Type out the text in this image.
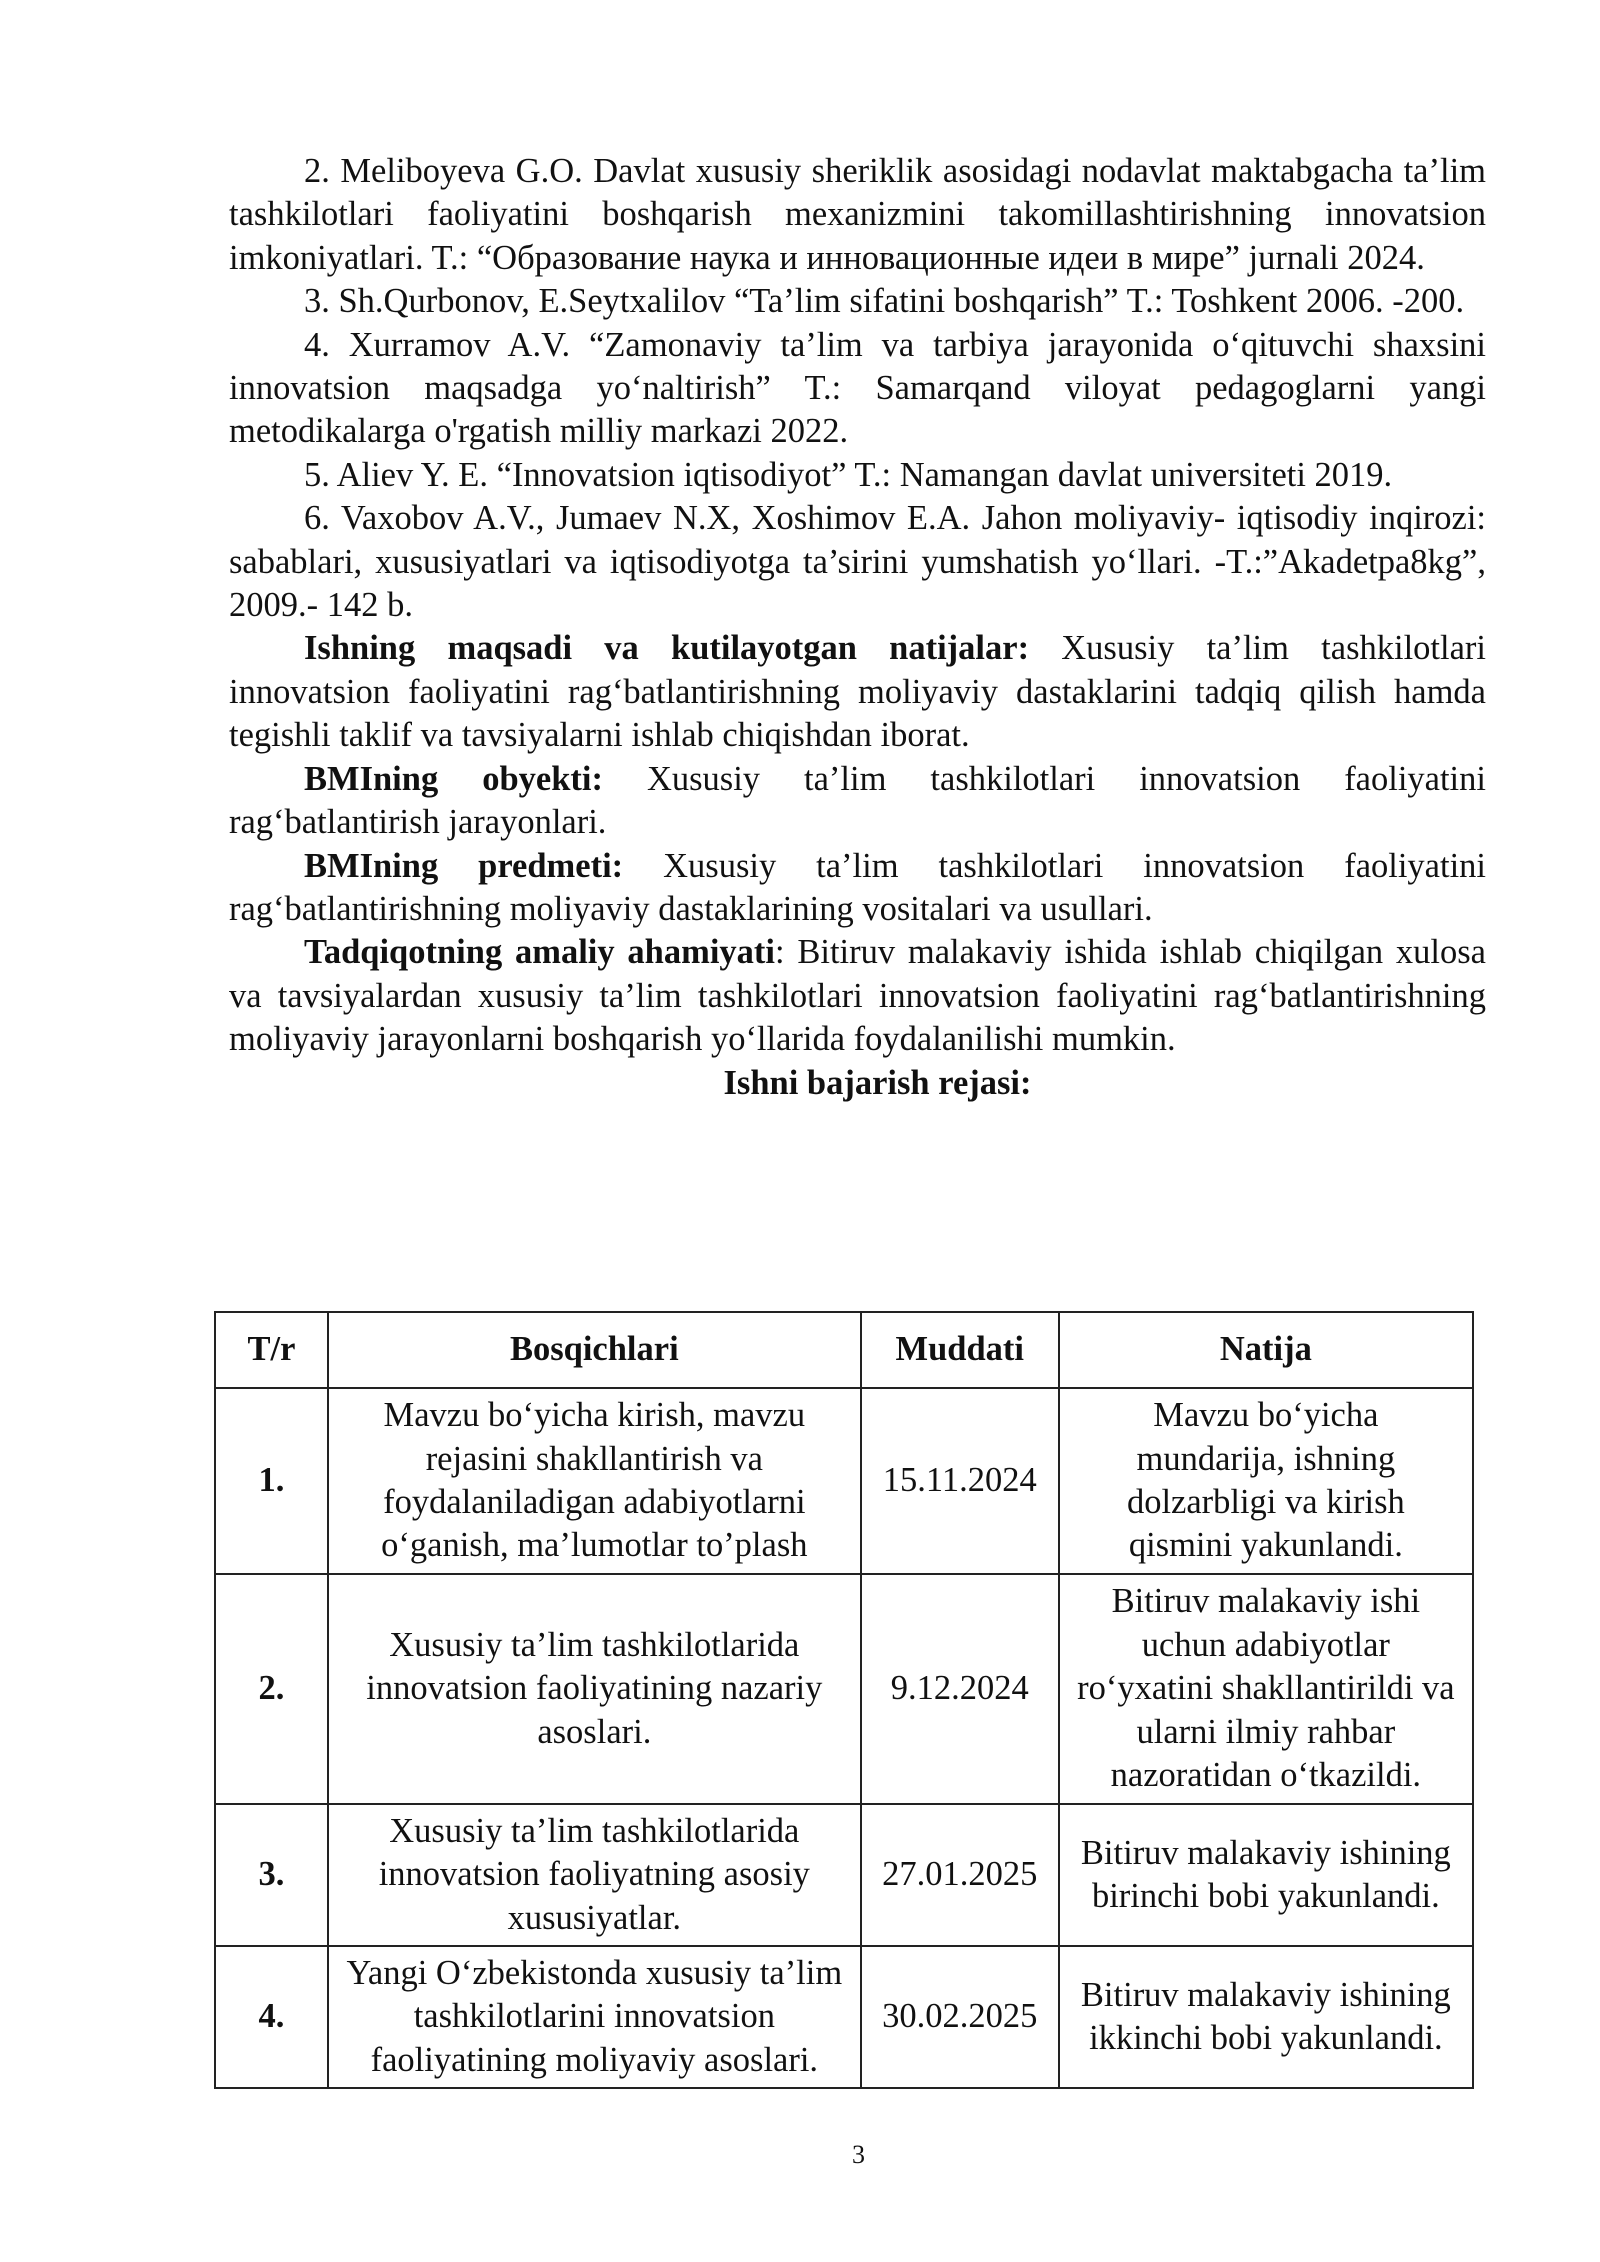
2. Meliboyeva G.O. Davlat xususiy sheriklik asosidagi nodavlat maktabgacha ta’lim tashkilotlari faoliyatini boshqarish mexanizmini takomillashtirishning innovatsion imkoniyatlari. T.: “Образование наука и инновационные идеи в мире” jurnali 2024.

3. Sh.Qurbonov, E.Seytxalilov “Ta’lim sifatini boshqarish” T.: Toshkent 2006. -200.

4. Xurramov A.V. “Zamonaviy ta’lim va tarbiya jarayonida o‘qituvchi shaxsini innovatsion maqsadga yo‘naltirish” T.: Samarqand viloyat pedagoglarni yangi metodikalarga o'rgatish milliy markazi 2022.

5. Aliev Y. E. “Innovatsion iqtisodiyot” T.: Namangan davlat universiteti 2019.

6. Vaxobov A.V., Jumaev N.X, Xoshimov E.A. Jahon moliyaviy- iqtisodiy inqirozi: sabablari, xususiyatlari va iqtisodiyotga ta’sirini yumshatish yo‘llari. -T.:”Akadetpa8kg”, 2009.- 142 b.

Ishning maqsadi va kutilayotgan natijalar: Xususiy ta’lim tashkilotlari innovatsion faoliyatini rag‘batlantirishning moliyaviy dastaklarini tadqiq qilish hamda tegishli taklif va tavsiyalarni ishlab chiqishdan iborat.

BMIning obyekti: Xususiy ta’lim tashkilotlari innovatsion faoliyatini rag‘batlantirish jarayonlari.

BMIning predmeti: Xususiy ta’lim tashkilotlari innovatsion faoliyatini rag‘batlantirishning moliyaviy dastaklarining vositalari va usullari.

Tadqiqotning amaliy ahamiyati: Bitiruv malakaviy ishida ishlab chiqilgan xulosa va tavsiyalardan xususiy ta’lim tashkilotlari innovatsion faoliyatini rag‘batlantirishning moliyaviy jarayonlarni boshqarish yo‘llarida foydalanilishi mumkin.

Ishni bajarish rejasi:

T/r	Bosqichlari	Muddati	Natija
1.	Mavzu bo‘yicha kirish, mavzu rejasini shakllantirish va foydalaniladigan adabiyotlarni o‘ganish, ma’lumotlar to’plash	15.11.2024	Mavzu bo‘yicha mundarija, ishning dolzarbligi va kirish qismini yakunlandi.
2.	Xususiy ta’lim tashkilotlarida innovatsion faoliyatining nazariy asoslari.	9.12.2024	Bitiruv malakaviy ishi uchun adabiyotlar ro‘yxatini shakllantirildi va ularni ilmiy rahbar nazoratidan o‘tkazildi.
3.	Xususiy ta’lim tashkilotlarida innovatsion faoliyatning asosiy xususiyatlar.	27.01.2025	Bitiruv malakaviy ishining birinchi bobi yakunlandi.
4.	Yangi O‘zbekistonda xususiy ta’lim tashkilotlarini innovatsion faoliyatining moliyaviy asoslari.	30.02.2025	Bitiruv malakaviy ishining ikkinchi bobi yakunlandi.
3
